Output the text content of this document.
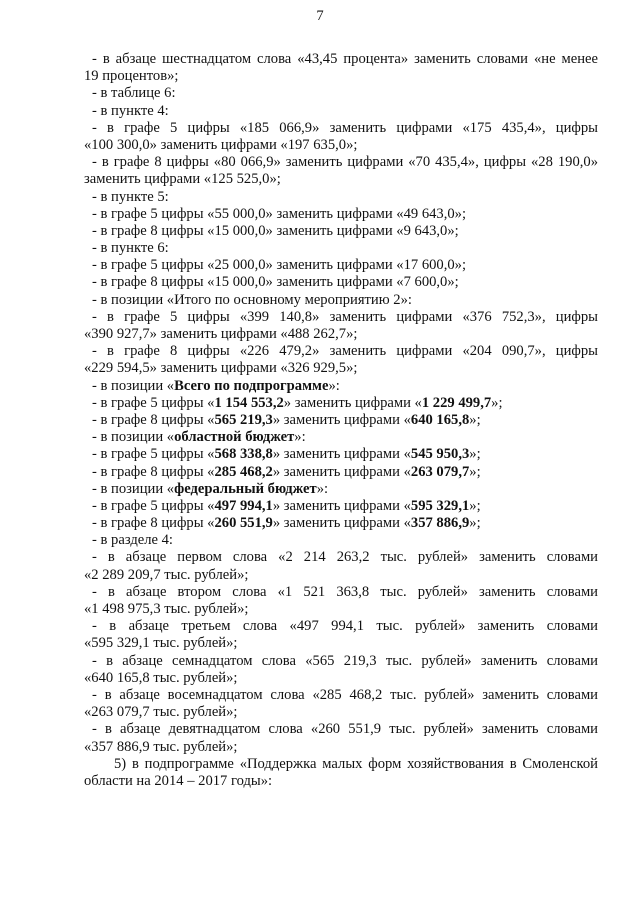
7
- в абзаце шестнадцатом слова «43,45 процента» заменить словами «не менее
19 процентов»;
- в таблице 6:
- в пункте 4:
- в графе 5 цифры «185 066,9» заменить цифрами «175 435,4», цифры
«100 300,0» заменить цифрами «197 635,0»;
- в графе 8 цифры «80 066,9» заменить цифрами «70 435,4», цифры «28 190,0»
заменить цифрами «125 525,0»;
- в пункте 5:
- в графе 5 цифры «55 000,0» заменить цифрами «49 643,0»;
- в графе 8 цифры «15 000,0» заменить цифрами «9 643,0»;
- в пункте 6:
- в графе 5 цифры «25 000,0» заменить цифрами «17 600,0»;
- в графе 8 цифры «15 000,0» заменить цифрами «7 600,0»;
- в позиции «Итого по основному мероприятию 2»:
- в графе 5 цифры «399 140,8» заменить цифрами «376 752,3», цифры
«390 927,7» заменить цифрами «488 262,7»;
- в графе 8 цифры «226 479,2» заменить цифрами «204 090,7», цифры
«229 594,5» заменить цифрами «326 929,5»;
- в позиции «Всего по подпрограмме»:
- в графе 5 цифры «1 154 553,2» заменить цифрами «1 229 499,7»;
- в графе 8 цифры «565 219,3» заменить цифрами «640 165,8»;
- в позиции «областной бюджет»:
- в графе 5 цифры «568 338,8» заменить цифрами «545 950,3»;
- в графе 8 цифры «285 468,2» заменить цифрами «263 079,7»;
- в позиции «федеральный бюджет»:
- в графе 5 цифры «497 994,1» заменить цифрами «595 329,1»;
- в графе 8 цифры «260 551,9» заменить цифрами «357 886,9»;
- в разделе 4:
- в абзаце первом слова «2 214 263,2 тыс. рублей» заменить словами
«2 289 209,7 тыс. рублей»;
- в абзаце втором слова «1 521 363,8 тыс. рублей» заменить словами
«1 498 975,3 тыс. рублей»;
- в абзаце третьем слова «497 994,1 тыс. рублей» заменить словами
«595 329,1 тыс. рублей»;
- в абзаце семнадцатом слова «565 219,3 тыс. рублей» заменить словами
«640 165,8 тыс. рублей»;
- в абзаце восемнадцатом слова «285 468,2 тыс. рублей» заменить словами
«263 079,7 тыс. рублей»;
- в абзаце девятнадцатом слова «260 551,9 тыс. рублей» заменить словами
«357 886,9 тыс. рублей»;
5) в подпрограмме «Поддержка малых форм хозяйствования в Смоленской
области на 2014 – 2017 годы»:
